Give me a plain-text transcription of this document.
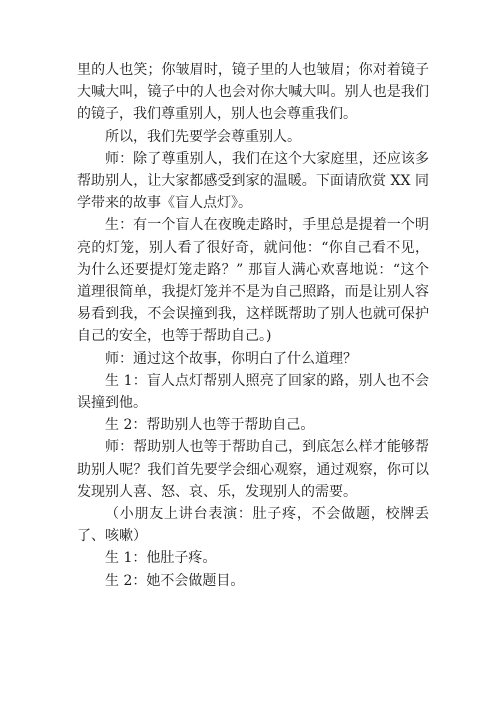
里的人也笑；你皱眉时，镜子里的人也皱眉；你对着镜子大喊大叫，镜子中的人也会对你大喊大叫。别人也是我们的镜子，我们尊重别人，别人也会尊重我们。

所以，我们先要学会尊重别人。

师：除了尊重别人，我们在这个大家庭里，还应该多帮助别人，让大家都感受到家的温暖。下面请欣赏 XX 同学带来的故事《盲人点灯》。

生：有一个盲人在夜晚走路时，手里总是提着一个明亮的灯笼，别人看了很好奇，就问他：“你自己看不见，为什么还要提灯笼走路？” 那盲人满心欢喜地说：“这个道理很简单，我提灯笼并不是为自己照路，而是让别人容易看到我，不会误撞到我，这样既帮助了别人也就可保护自己的安全，也等于帮助自己。)

师：通过这个故事，你明白了什么道理？

生 1：盲人点灯帮别人照亮了回家的路，别人也不会误撞到他。

生 2：帮助别人也等于帮助自己。

师：帮助别人也等于帮助自己，到底怎么样才能够帮助别人呢？我们首先要学会细心观察，通过观察，你可以发现别人喜、怒、哀、乐，发现别人的需要。

（小朋友上讲台表演：肚子疼，不会做题，校牌丢了、咳嗽）

生 1：他肚子疼。

生 2：她不会做题目。
